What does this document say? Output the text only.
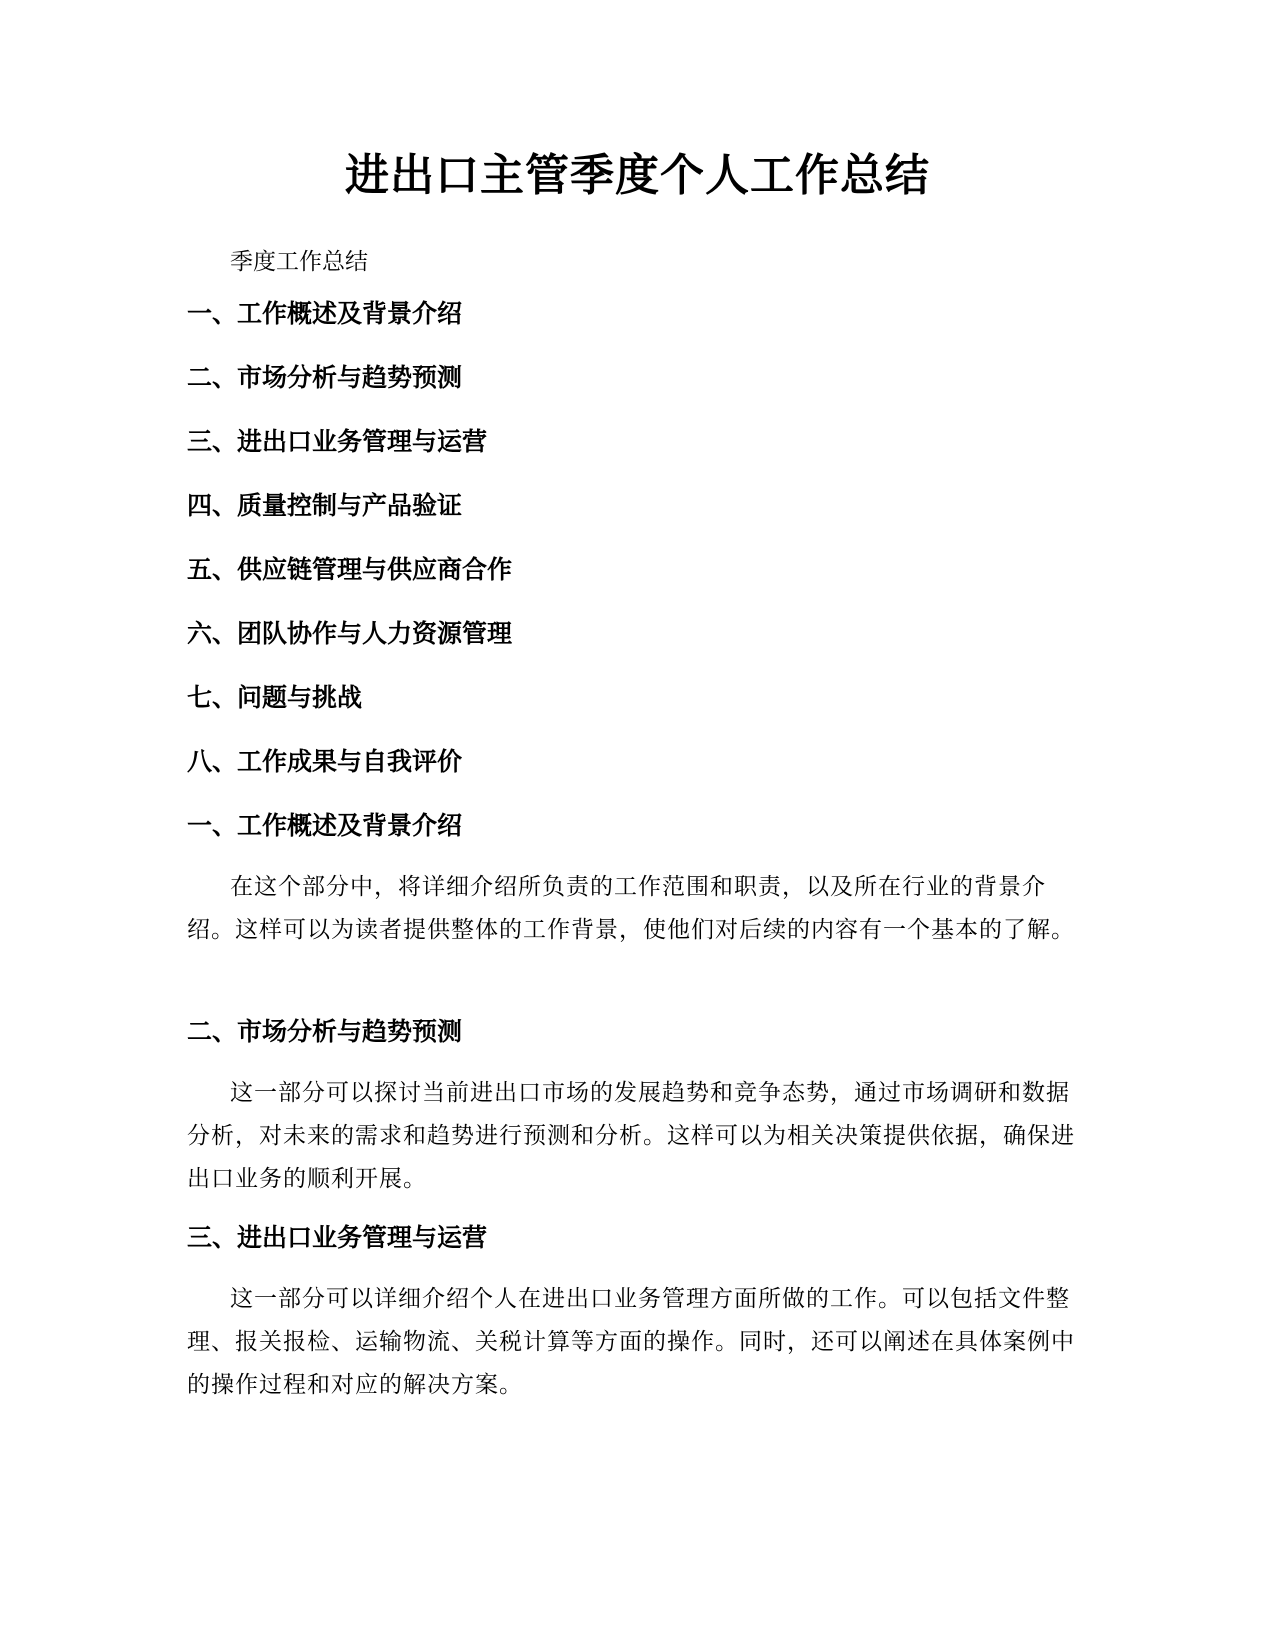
进出口主管季度个人工作总结
季度工作总结
一、工作概述及背景介绍
二、市场分析与趋势预测
三、进出口业务管理与运营
四、质量控制与产品验证
五、供应链管理与供应商合作
六、团队协作与人力资源管理
七、问题与挑战
八、工作成果与自我评价
一、工作概述及背景介绍
在这个部分中，将详细介绍所负责的工作范围和职责，以及所在行业的背景介绍。这样可以为读者提供整体的工作背景，使他们对后续的内容有一个基本的了解。
二、市场分析与趋势预测
这一部分可以探讨当前进出口市场的发展趋势和竞争态势，通过市场调研和数据分析，对未来的需求和趋势进行预测和分析。这样可以为相关决策提供依据，确保进出口业务的顺利开展。
三、进出口业务管理与运营
这一部分可以详细介绍个人在进出口业务管理方面所做的工作。可以包括文件整理、报关报检、运输物流、关税计算等方面的操作。同时，还可以阐述在具体案例中的操作过程和对应的解决方案。
